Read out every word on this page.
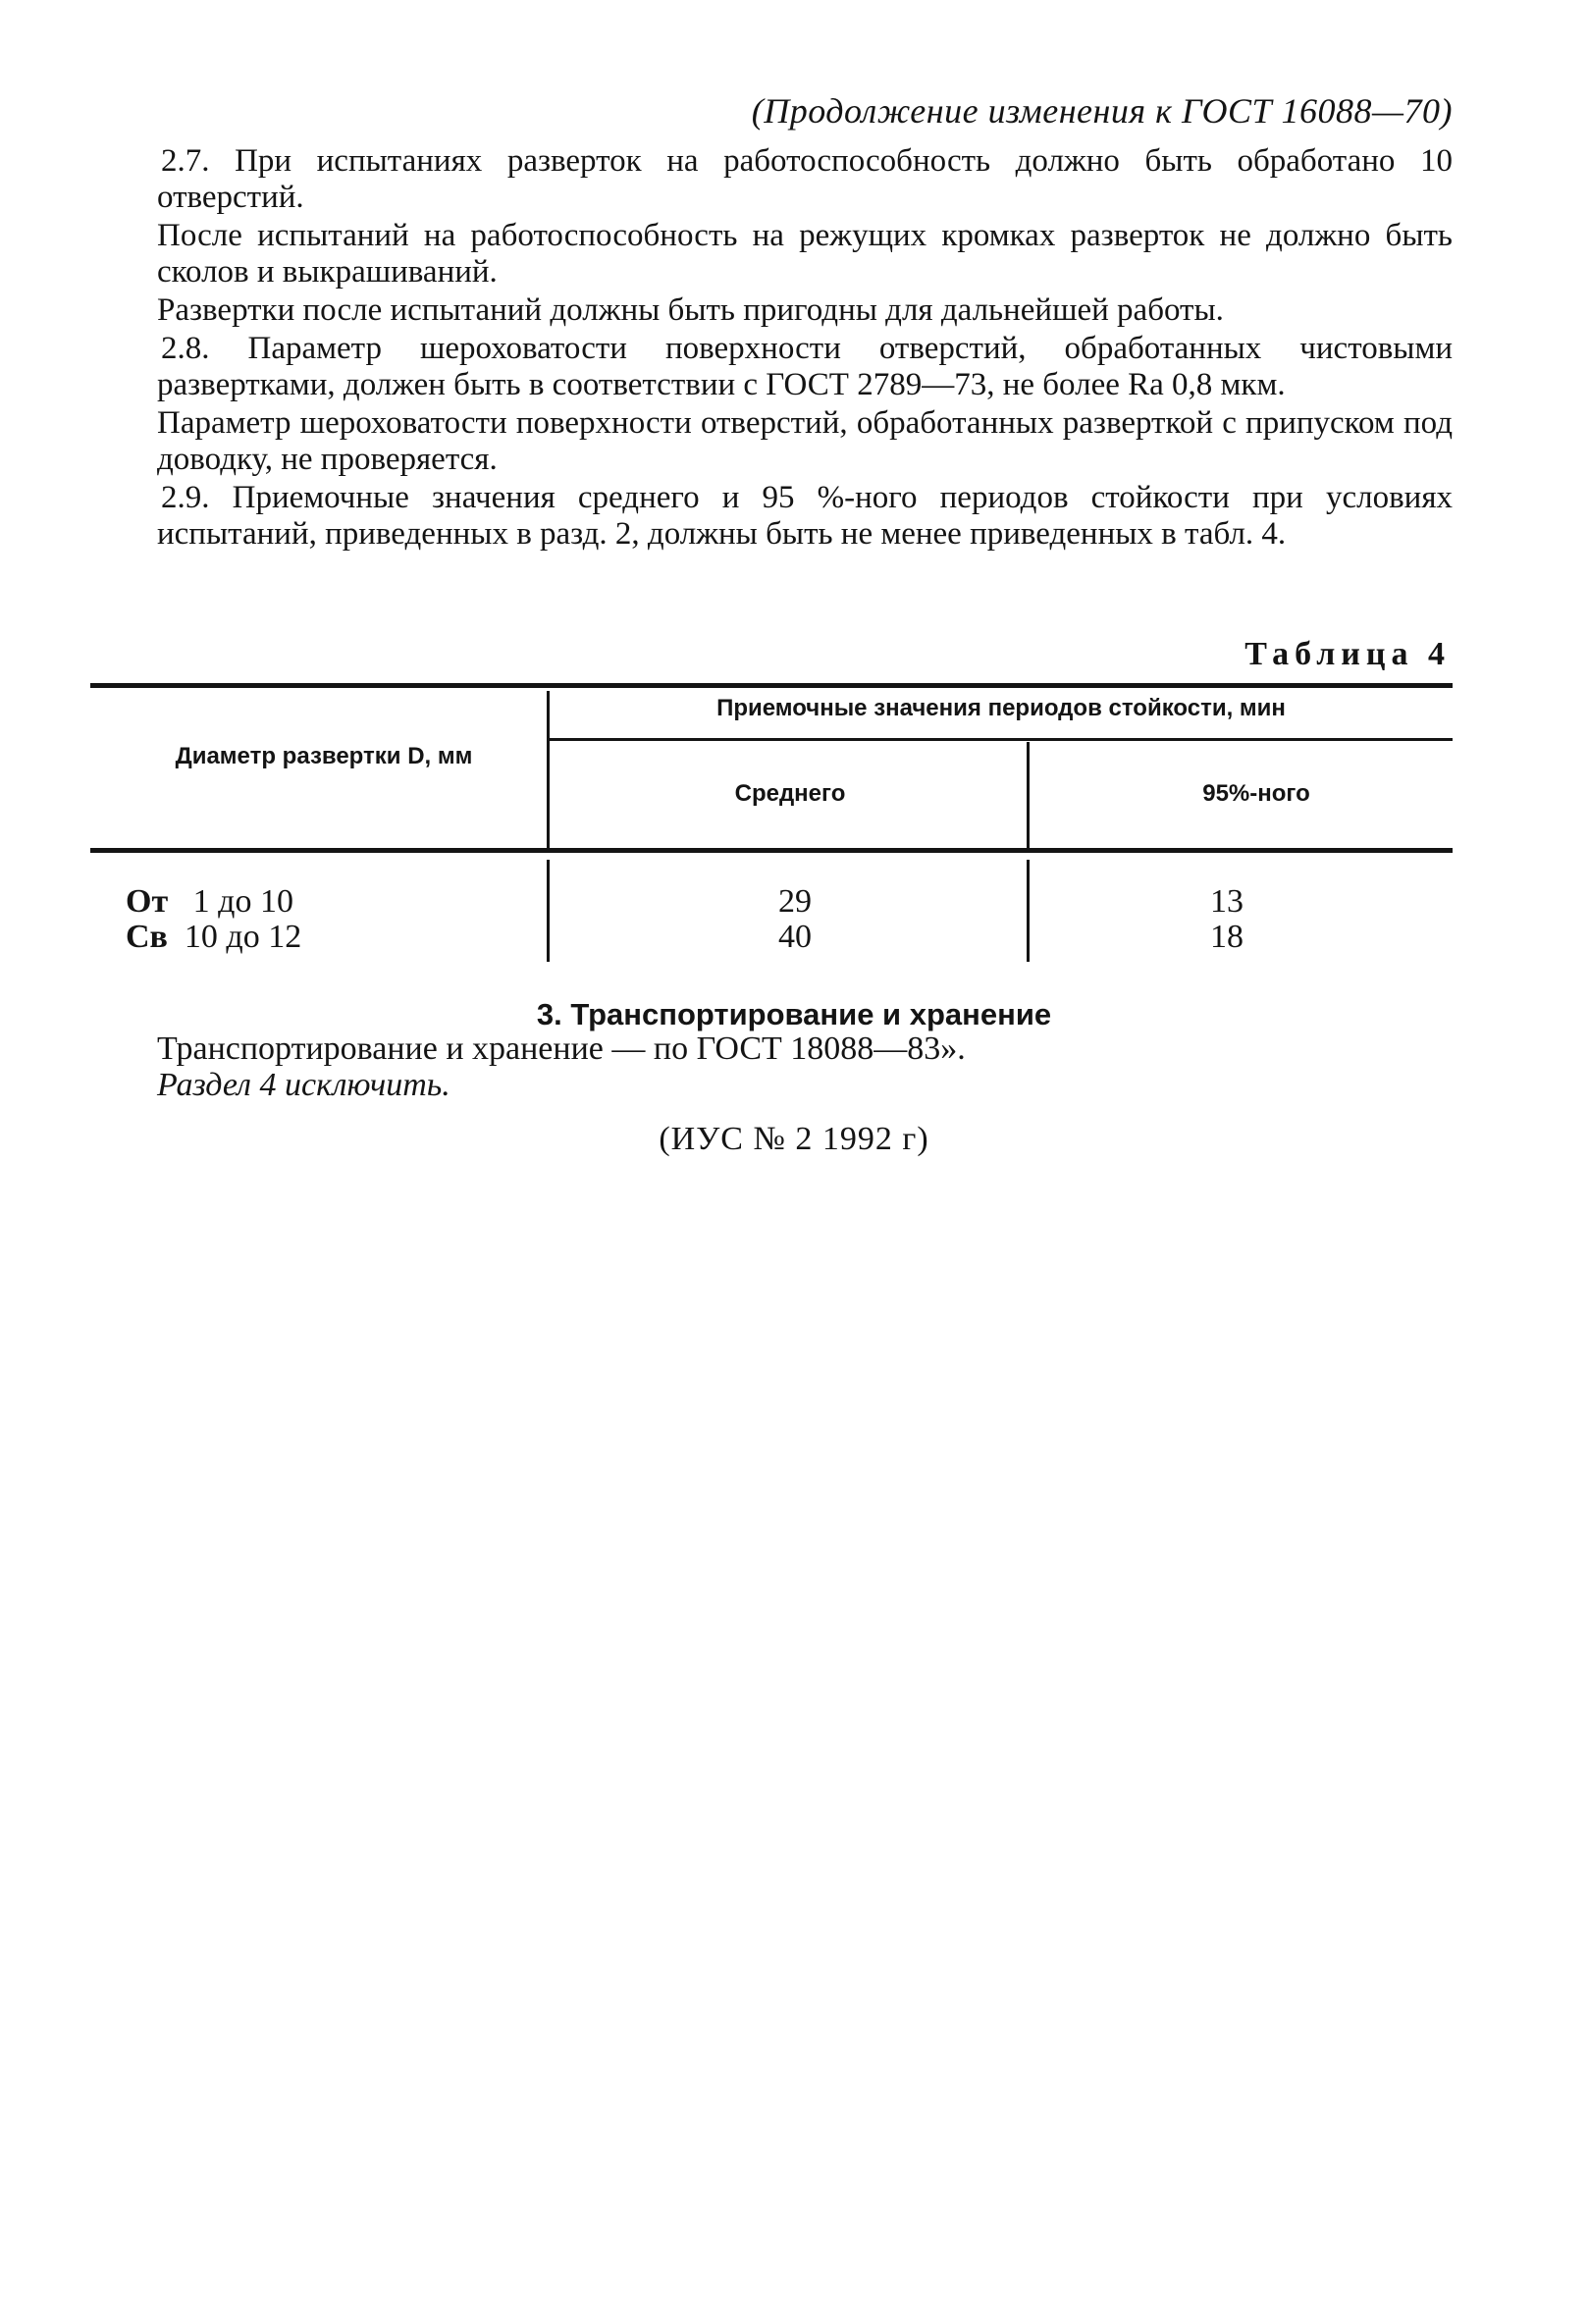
(Продолжение изменения к ГОСТ 16088—70)

2.7. При испытаниях разверток на работоспособность должно быть обработано 10 отверстий.

После испытаний на работоспособность на режущих кромках разверток не должно быть сколов и выкрашиваний.

Развертки после испытаний должны быть пригодны для дальнейшей работы.

2.8. Параметр шероховатости поверхности отверстий, обработанных чистовыми развертками, должен быть в соответствии с ГОСТ 2789—73, не более Ra 0,8 мкм.

Параметр шероховатости поверхности отверстий, обработанных разверткой с припуском под доводку, не проверяется.

2.9. Приемочные значения среднего и 95 %-ного периодов стойкости при условиях испытаний, приведенных в разд. 2, должны быть не менее приведенных в табл. 4.

Таблица 4
Диаметр развертки D, мм
Приемочные значения периодов стойкости, мин
Среднего	95%-ного
От 1 до 10	29	13
Св 10 до 12	40	18
3. Транспортирование и хранение
Транспортирование и хранение — по ГОСТ 18088—83».
Раздел 4 исключить.
(ИУС № 2 1992 г)
